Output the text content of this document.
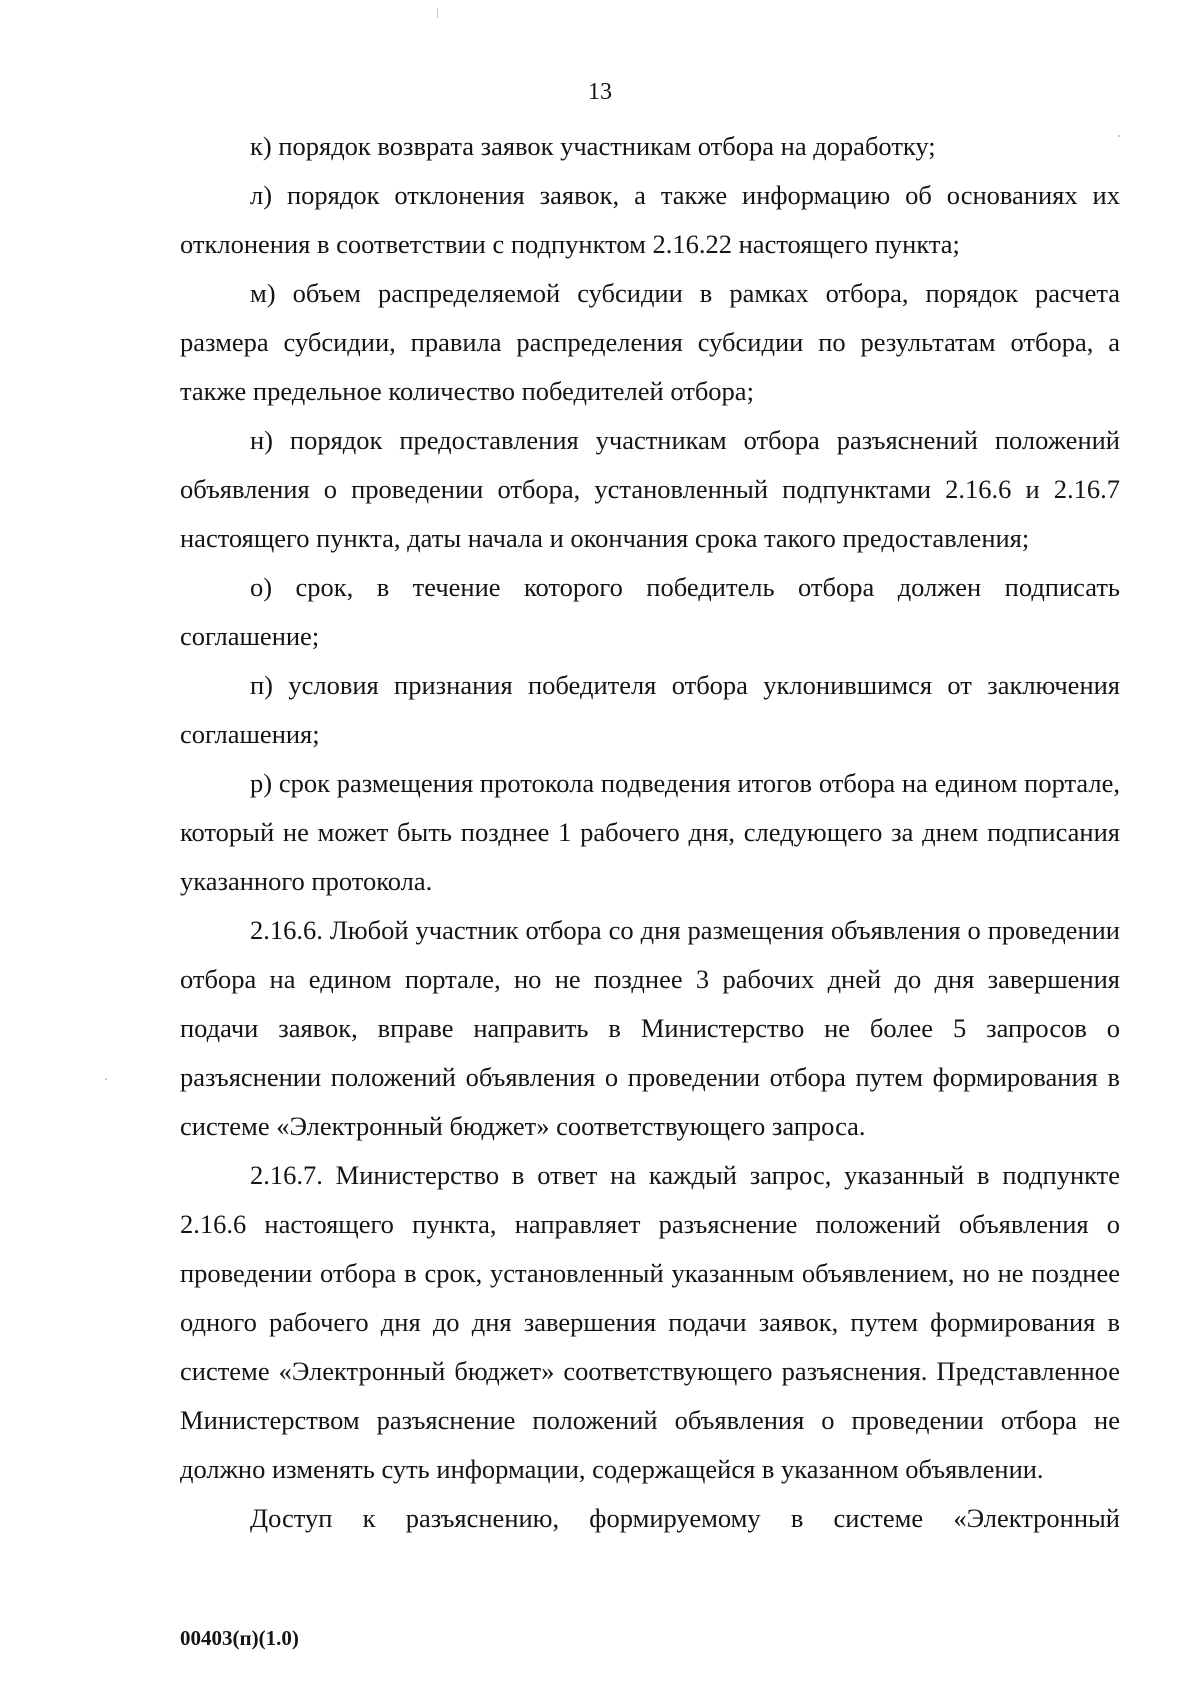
13

к) порядок возврата заявок участникам отбора на доработку;

л) порядок отклонения заявок, а также информацию об основаниях их отклонения в соответствии с подпунктом 2.16.22 настоящего пункта;

м) объем распределяемой субсидии в рамках отбора, порядок расчета размера субсидии, правила распределения субсидии по результатам отбора, а также предельное количество победителей отбора;

н) порядок предоставления участникам отбора разъяснений положений объявления о проведении отбора, установленный подпунктами 2.16.6 и 2.16.7 настоящего пункта, даты начала и окончания срока такого предоставления;

о) срок, в течение которого победитель отбора должен подписать соглашение;

п) условия признания победителя отбора уклонившимся от заключения соглашения;

р) срок размещения протокола подведения итогов отбора на едином портале, который не может быть позднее 1 рабочего дня, следующего за днем подписания указанного протокола.

2.16.6. Любой участник отбора со дня размещения объявления о проведении отбора на едином портале, но не позднее 3 рабочих дней до дня завершения подачи заявок, вправе направить в Министерство не более 5 запросов о разъяснении положений объявления о проведении отбора путем формирования в системе «Электронный бюджет» соответствующего запроса.

2.16.7. Министерство в ответ на каждый запрос, указанный в подпункте 2.16.6 настоящего пункта, направляет разъяснение положений объявления о проведении отбора в срок, установленный указанным объявлением, но не позднее одного рабочего дня до дня завершения подачи заявок, путем формирования в системе «Электронный бюджет» соответствующего разъяснения. Представленное Министерством разъяснение положений объявления о проведении отбора не должно изменять суть информации, содержащейся в указанном объявлении.

Доступ к разъяснению, формируемому в системе «Электронный

00403(п)(1.0)
